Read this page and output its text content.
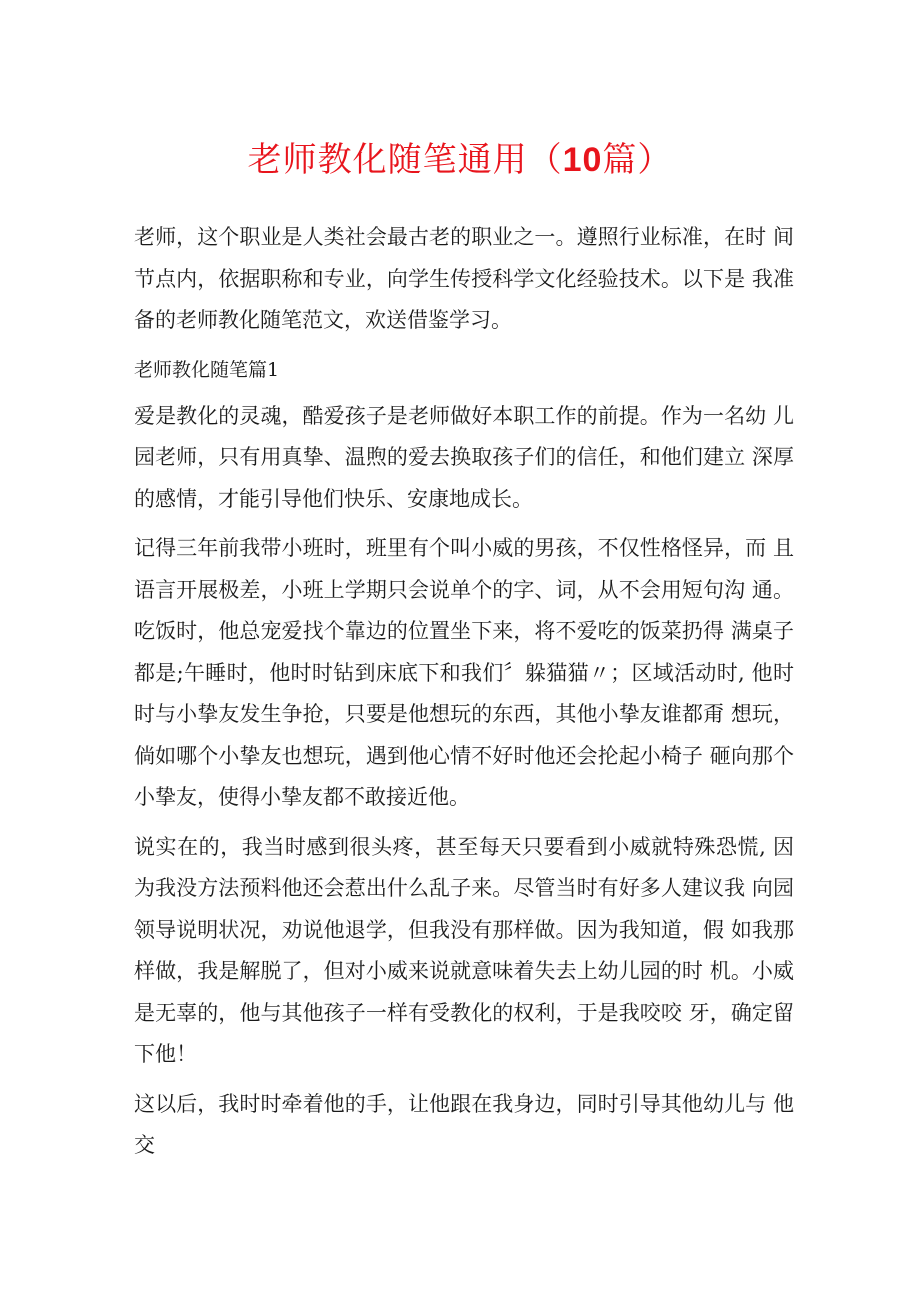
老师教化随笔通用（10篇）

老师，这个职业是人类社会最古老的职业之一。遵照行业标准，在时 间节点内，依据职称和专业，向学生传授科学文化经验技术。以下是 我准备的老师教化随笔范文，欢送借鉴学习。

老师教化随笔篇1

爱是教化的灵魂，酷爱孩子是老师做好本职工作的前提。作为一名幼 儿园老师，只有用真挚、温煦的爱去换取孩子们的信任，和他们建立 深厚的感情，才能引导他们快乐、安康地成长。

记得三年前我带小班时，班里有个叫小威的男孩，不仅性格怪异，而 且语言开展极差，小班上学期只会说单个的字、词，从不会用短句沟 通。吃饭时，他总宠爱找个靠边的位置坐下来，将不爱吃的饭菜扔得 满桌子都是;午睡时，他时时钻到床底下和我们〞躲猫猫〃；区域活动时, 他时时与小挚友发生争抢，只要是他想玩的东西，其他小挚友谁都甭 想玩，倘如哪个小挚友也想玩，遇到他心情不好时他还会抡起小椅子 砸向那个小挚友，使得小挚友都不敢接近他。

说实在的，我当时感到很头疼，甚至每天只要看到小威就特殊恐慌, 因为我没方法预料他还会惹出什么乱子来。尽管当时有好多人建议我 向园领导说明状况，劝说他退学，但我没有那样做。因为我知道，假 如我那样做，我是解脱了，但对小威来说就意味着失去上幼儿园的时 机。小威是无辜的，他与其他孩子一样有受教化的权利，于是我咬咬 牙，确定留下他！

这以后，我时时牵着他的手，让他跟在我身边，同时引导其他幼儿与 他交
